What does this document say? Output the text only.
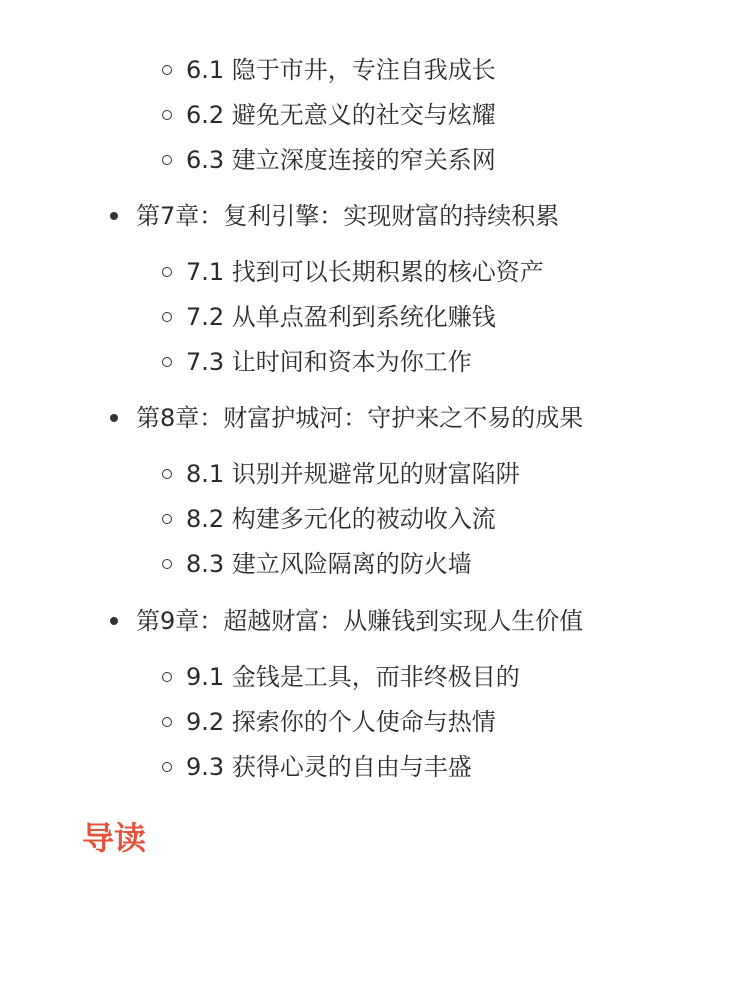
6.1 隐于市井，专注自我成长
6.2 避免无意义的社交与炫耀
6.3 建立深度连接的窄关系网
第7章：复利引擎：实现财富的持续积累
7.1 找到可以长期积累的核心资产
7.2 从单点盈利到系统化赚钱
7.3 让时间和资本为你工作
第8章：财富护城河：守护来之不易的成果
8.1 识别并规避常见的财富陷阱
8.2 构建多元化的被动收入流
8.3 建立风险隔离的防火墙
第9章：超越财富：从赚钱到实现人生价值
9.1 金钱是工具，而非终极目的
9.2 探索你的个人使命与热情
9.3 获得心灵的自由与丰盛
导读
